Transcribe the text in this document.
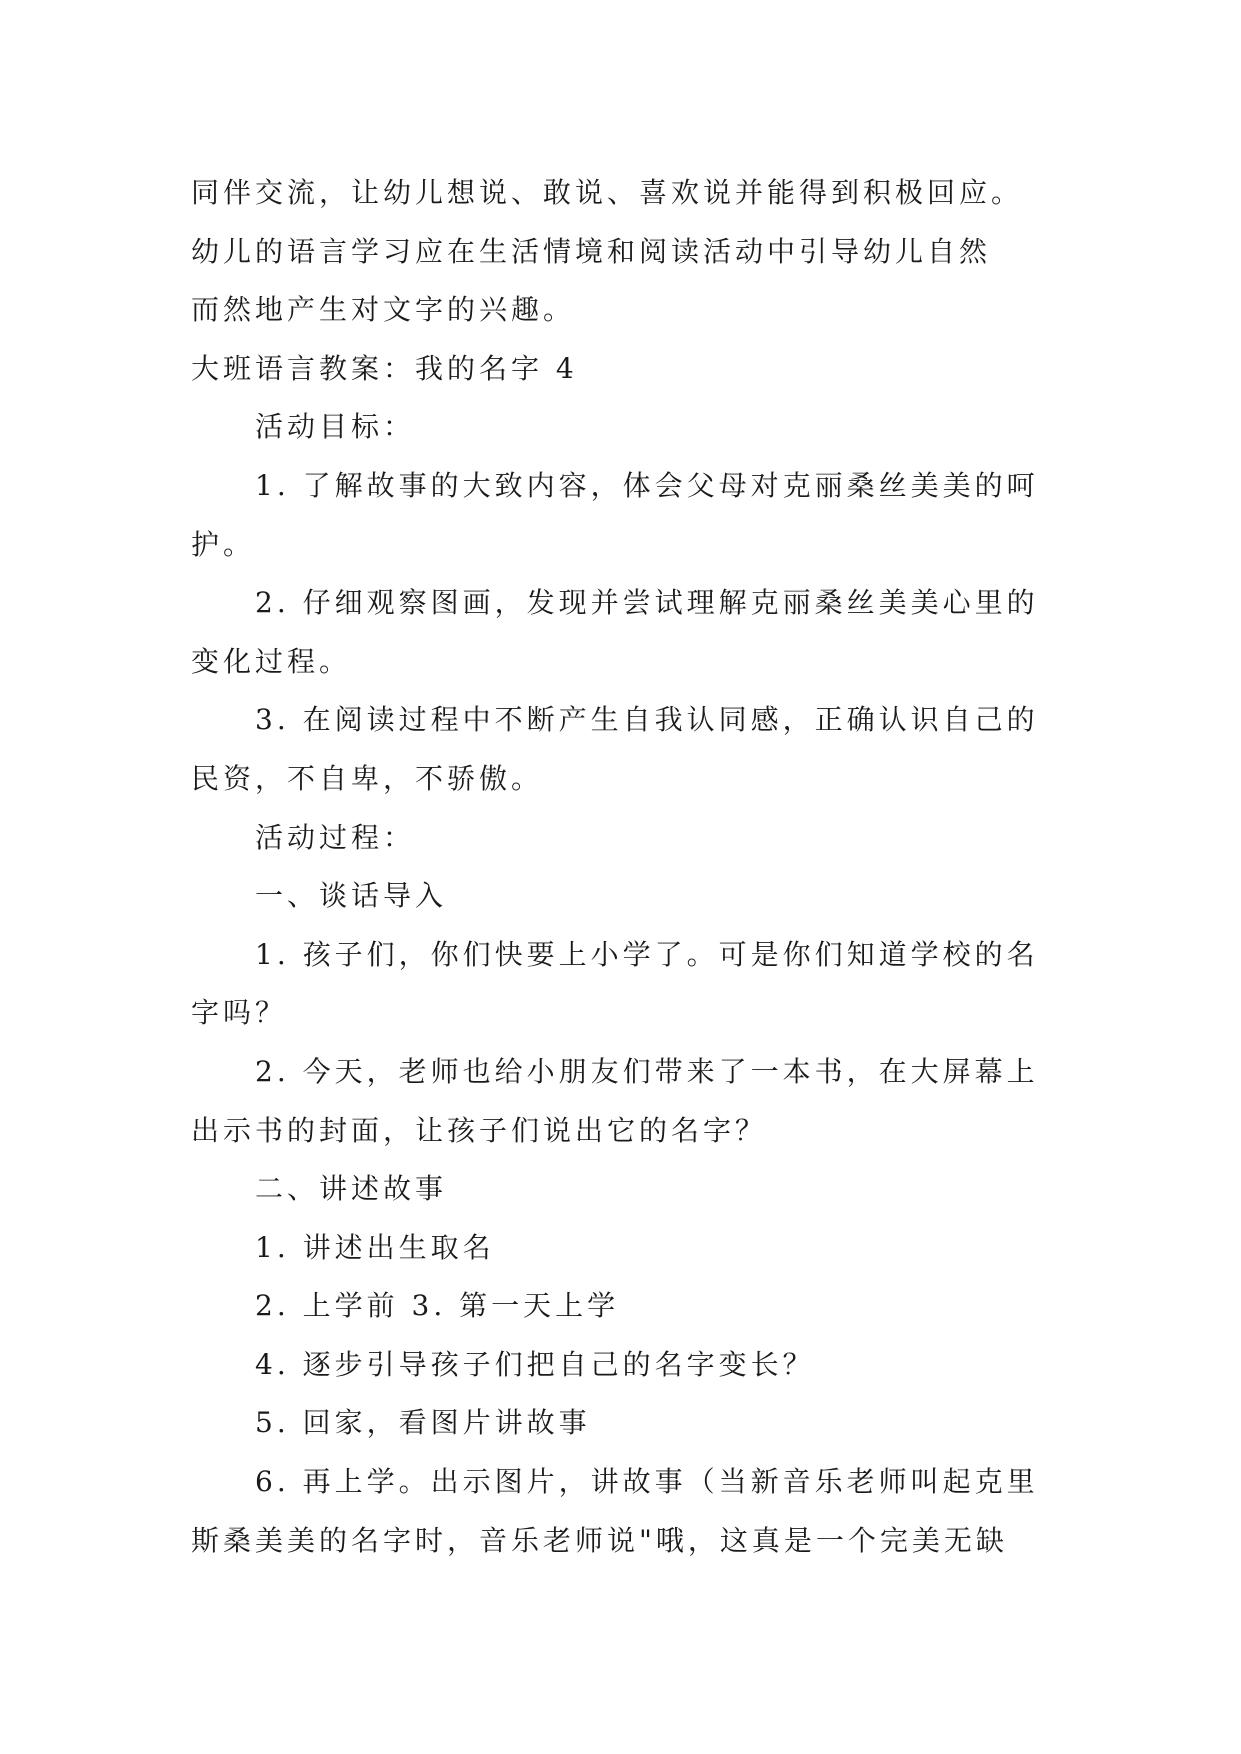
同伴交流，让幼儿想说、敢说、喜欢说并能得到积极回应。
幼儿的语言学习应在生活情境和阅读活动中引导幼儿自然
而然地产生对文字的兴趣。
大班语言教案：我的名字 4
活动目标：
1. 了解故事的大致内容，体会父母对克丽桑丝美美的呵
护。
2. 仔细观察图画，发现并尝试理解克丽桑丝美美心里的
变化过程。
3. 在阅读过程中不断产生自我认同感，正确认识自己的
民资，不自卑，不骄傲。
活动过程：
一、谈话导入
1. 孩子们，你们快要上小学了。可是你们知道学校的名
字吗？
2. 今天，老师也给小朋友们带来了一本书，在大屏幕上
出示书的封面，让孩子们说出它的名字？
二、讲述故事
1. 讲述出生取名
2. 上学前 3. 第一天上学
4. 逐步引导孩子们把自己的名字变长？
5. 回家，看图片讲故事
6. 再上学。出示图片，讲故事（当新音乐老师叫起克里
斯桑美美的名字时，音乐老师说"哦，这真是一个完美无缺
